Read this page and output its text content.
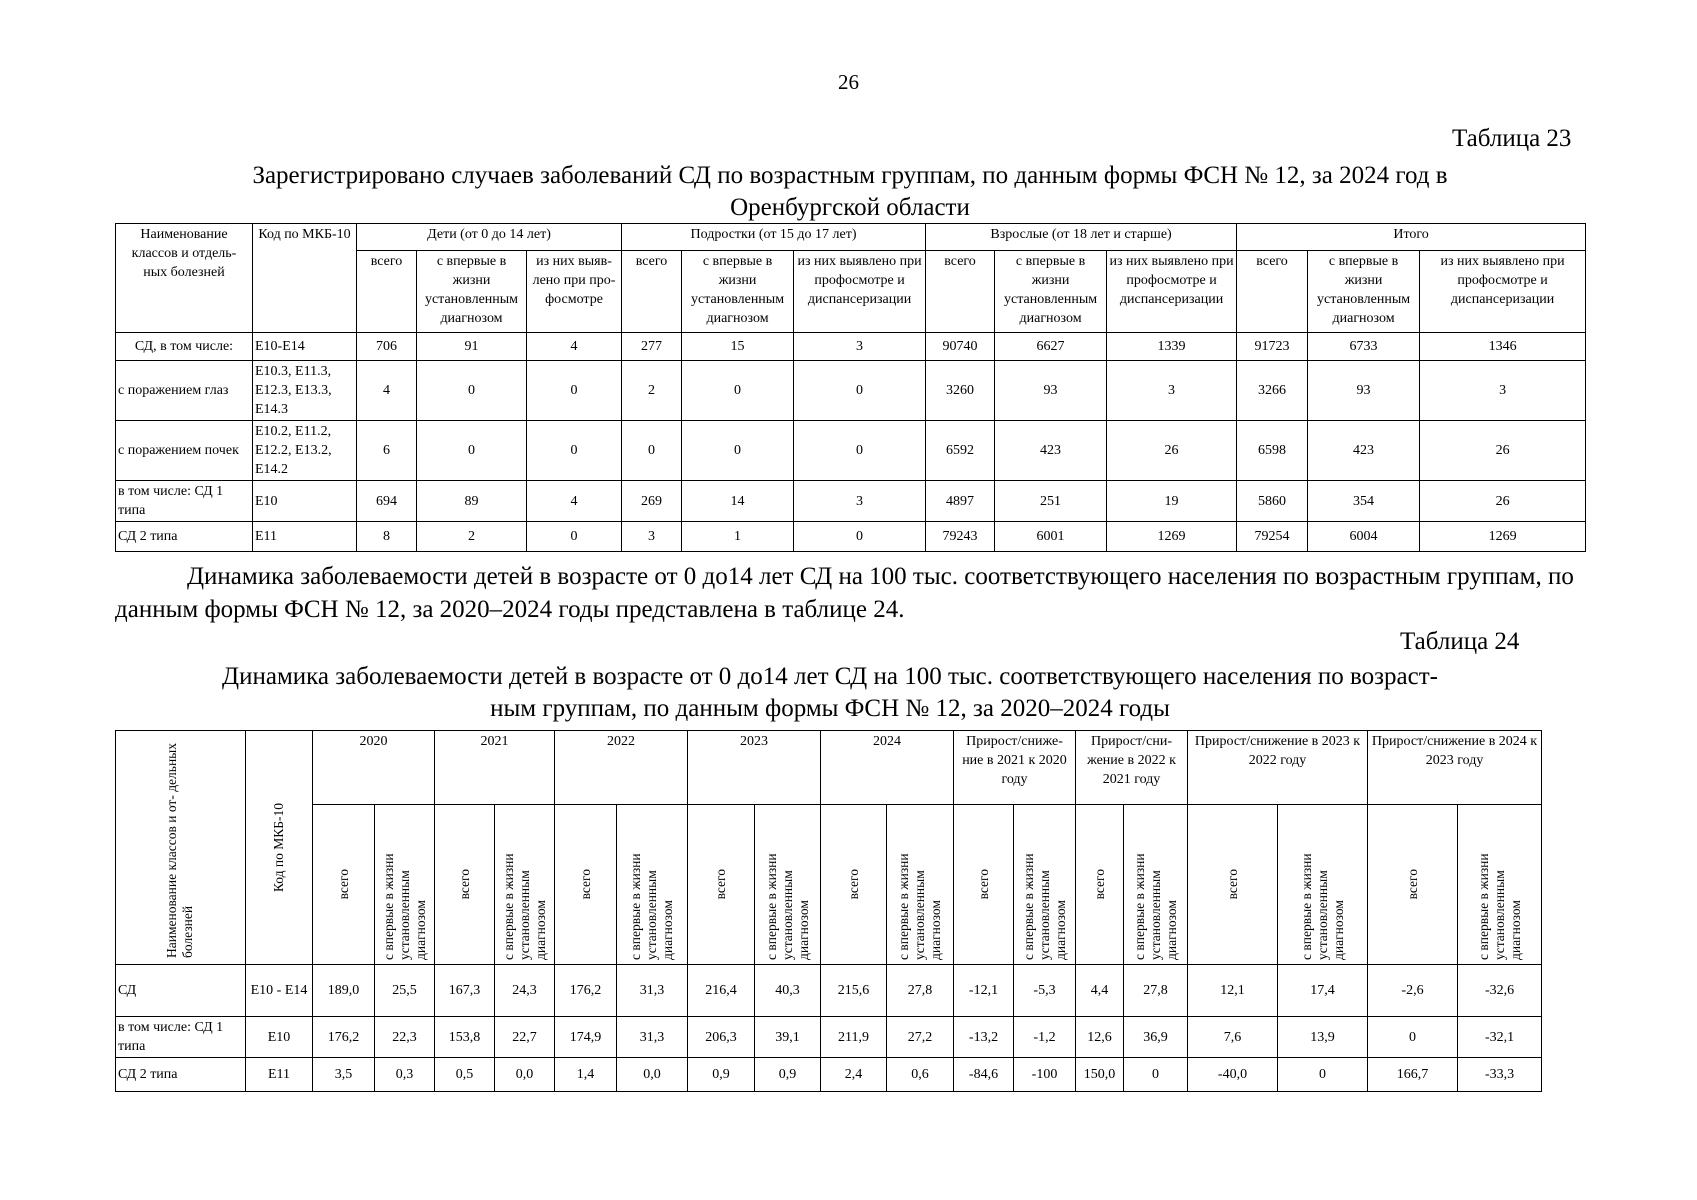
26
Таблица 23
Зарегистрировано случаев заболеваний СД по возрастным группам, по данным формы ФСН № 12, за 2024 год в
Оренбургской области
Наименование классов и отдель- ных болезней	Код по МКБ-10	Дети (от 0 до 14 лет)			Подростки (от 15 до 17 лет)			Взрослые (от 18 лет и старше)			Итого		
		всего	с впервые в жизни установленным диагнозом	из них выяв- лено при про- фосмотре	всего	с впервые в жизни установленным диагнозом	из них выявлено при профосмотре и диспансеризации	всего	с впервые в жизни установленным диагнозом	из них выявлено при профосмотре и диспансеризации	всего	с впервые в жизни установленным диагнозом	из них выявлено при профосмотре и диспансеризации
СД, в том числе:	Е10-Е14	706	91	4	277	15	3	90740	6627	1339	91723	6733	1346
с поражением глаз	Е10.3, Е11.3, Е12.3, Е13.3, Е14.3	4	0	0	2	0	0	3260	93	3	3266	93	3
с поражением почек	Е10.2, Е11.2, Е12.2, Е13.2, Е14.2	6	0	0	0	0	0	6592	423	26	6598	423	26
в том числе: СД 1 типа	Е10	694	89	4	269	14	3	4897	251	19	5860	354	26
СД 2 типа	Е11	8	2	0	3	1	0	79243	6001	1269	79254	6004	1269
Динамика заболеваемости детей в возрасте от 0 до14 лет СД на 100 тыс. соответствующего населения по возрастным группам, по данным формы ФСН № 12, за 2020–2024 годы представлена в таблице 24.
Таблица 24
Динамика заболеваемости детей в возрасте от 0 до14 лет СД на 100 тыс. соответствующего населения по возраст-
ным группам, по данным формы ФСН № 12, за 2020–2024 годы
Наименование классов и от- дельных болезней	Код по МКБ-10	2020		2021		2022		2023		2024		Прирост/сниже- ние в 2021 к 2020 году		Прирост/сни- жение в 2022 к 2021 году		Прирост/снижение в 2023 к 2022 году		Прирост/снижение в 2024 к 2023 году	

		всего	с впервые в жизни установленным диагнозом	всего	с впервые в жизни установленным диагнозом	всего	с впервые в жизни установленным диагнозом	всего	с впервые в жизни установленным диагнозом	всего	с впервые в жизни установленным диагнозом	всего	с впервые в жизни установленным диагнозом	всего	с впервые в жизни установленным диагнозом	всего	с впервые в жизни установленным диагнозом	всего	с впервые в жизни установленным диагнозом

СД	Е10 - Е14	189,0	25,5	167,3	24,3	176,2	31,3	216,4	40,3	215,6	27,8	-12,1	-5,3	4,4	27,8	12,1	17,4	-2,6	-32,6
в том числе: СД 1 типа	Е10	176,2	22,3	153,8	22,7	174,9	31,3	206,3	39,1	211,9	27,2	-13,2	-1,2	12,6	36,9	7,6	13,9	0	-32,1
СД 2 типа	Е11	3,5	0,3	0,5	0,0	1,4	0,0	0,9	0,9	2,4	0,6	-84,6	-100	150,0	0	-40,0	0	166,7	-33,3
